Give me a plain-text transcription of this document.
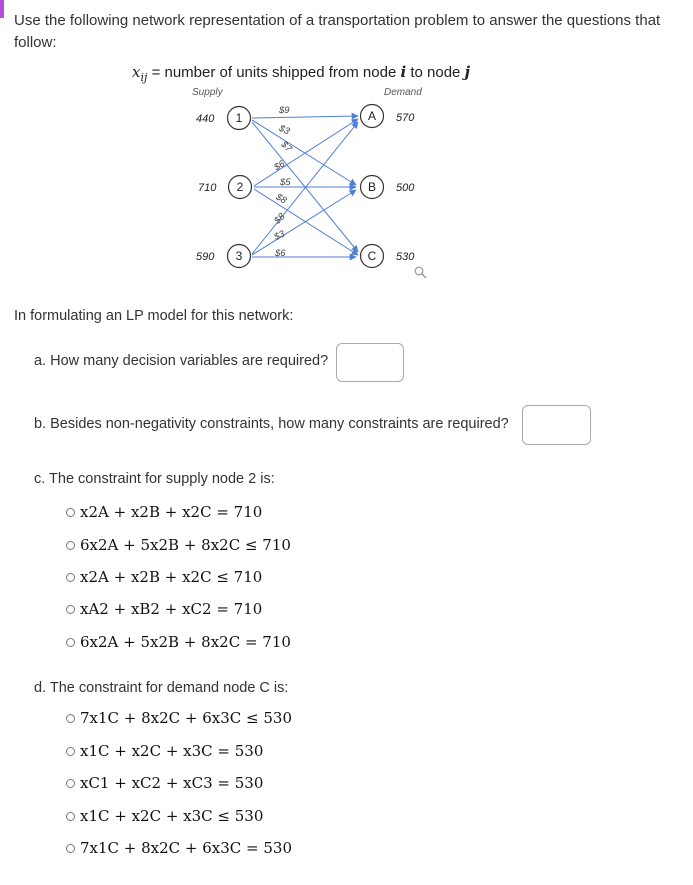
Use the following network representation of a transportation problem to answer the questions that follow:
$x_{ij}$ = number of units shipped from node i to node j
Supply	Demand
$9
$3
$7
$6
$5
$8
$8
$3
$6
440 1
710 2
590 3
A 570
B 500
C 530
In formulating an LP model for this network:
a. How many decision variables are required?
b. Besides non-negativity constraints, how many constraints are required?
c. The constraint for supply node 2 is:
x2A + x2B + x2C = 710
6x2A + 5x2B + 8x2C ≤ 710
x2A + x2B + x2C ≤ 710
xA2 + xB2 + xC2 = 710
6x2A + 5x2B + 8x2C = 710
d. The constraint for demand node C is:
7x1C + 8x2C + 6x3C ≤ 530
x1C + x2C + x3C = 530
xC1 + xC2 + xC3 = 530
x1C + x2C + x3C ≤ 530
7x1C + 8x2C + 6x3C = 530
